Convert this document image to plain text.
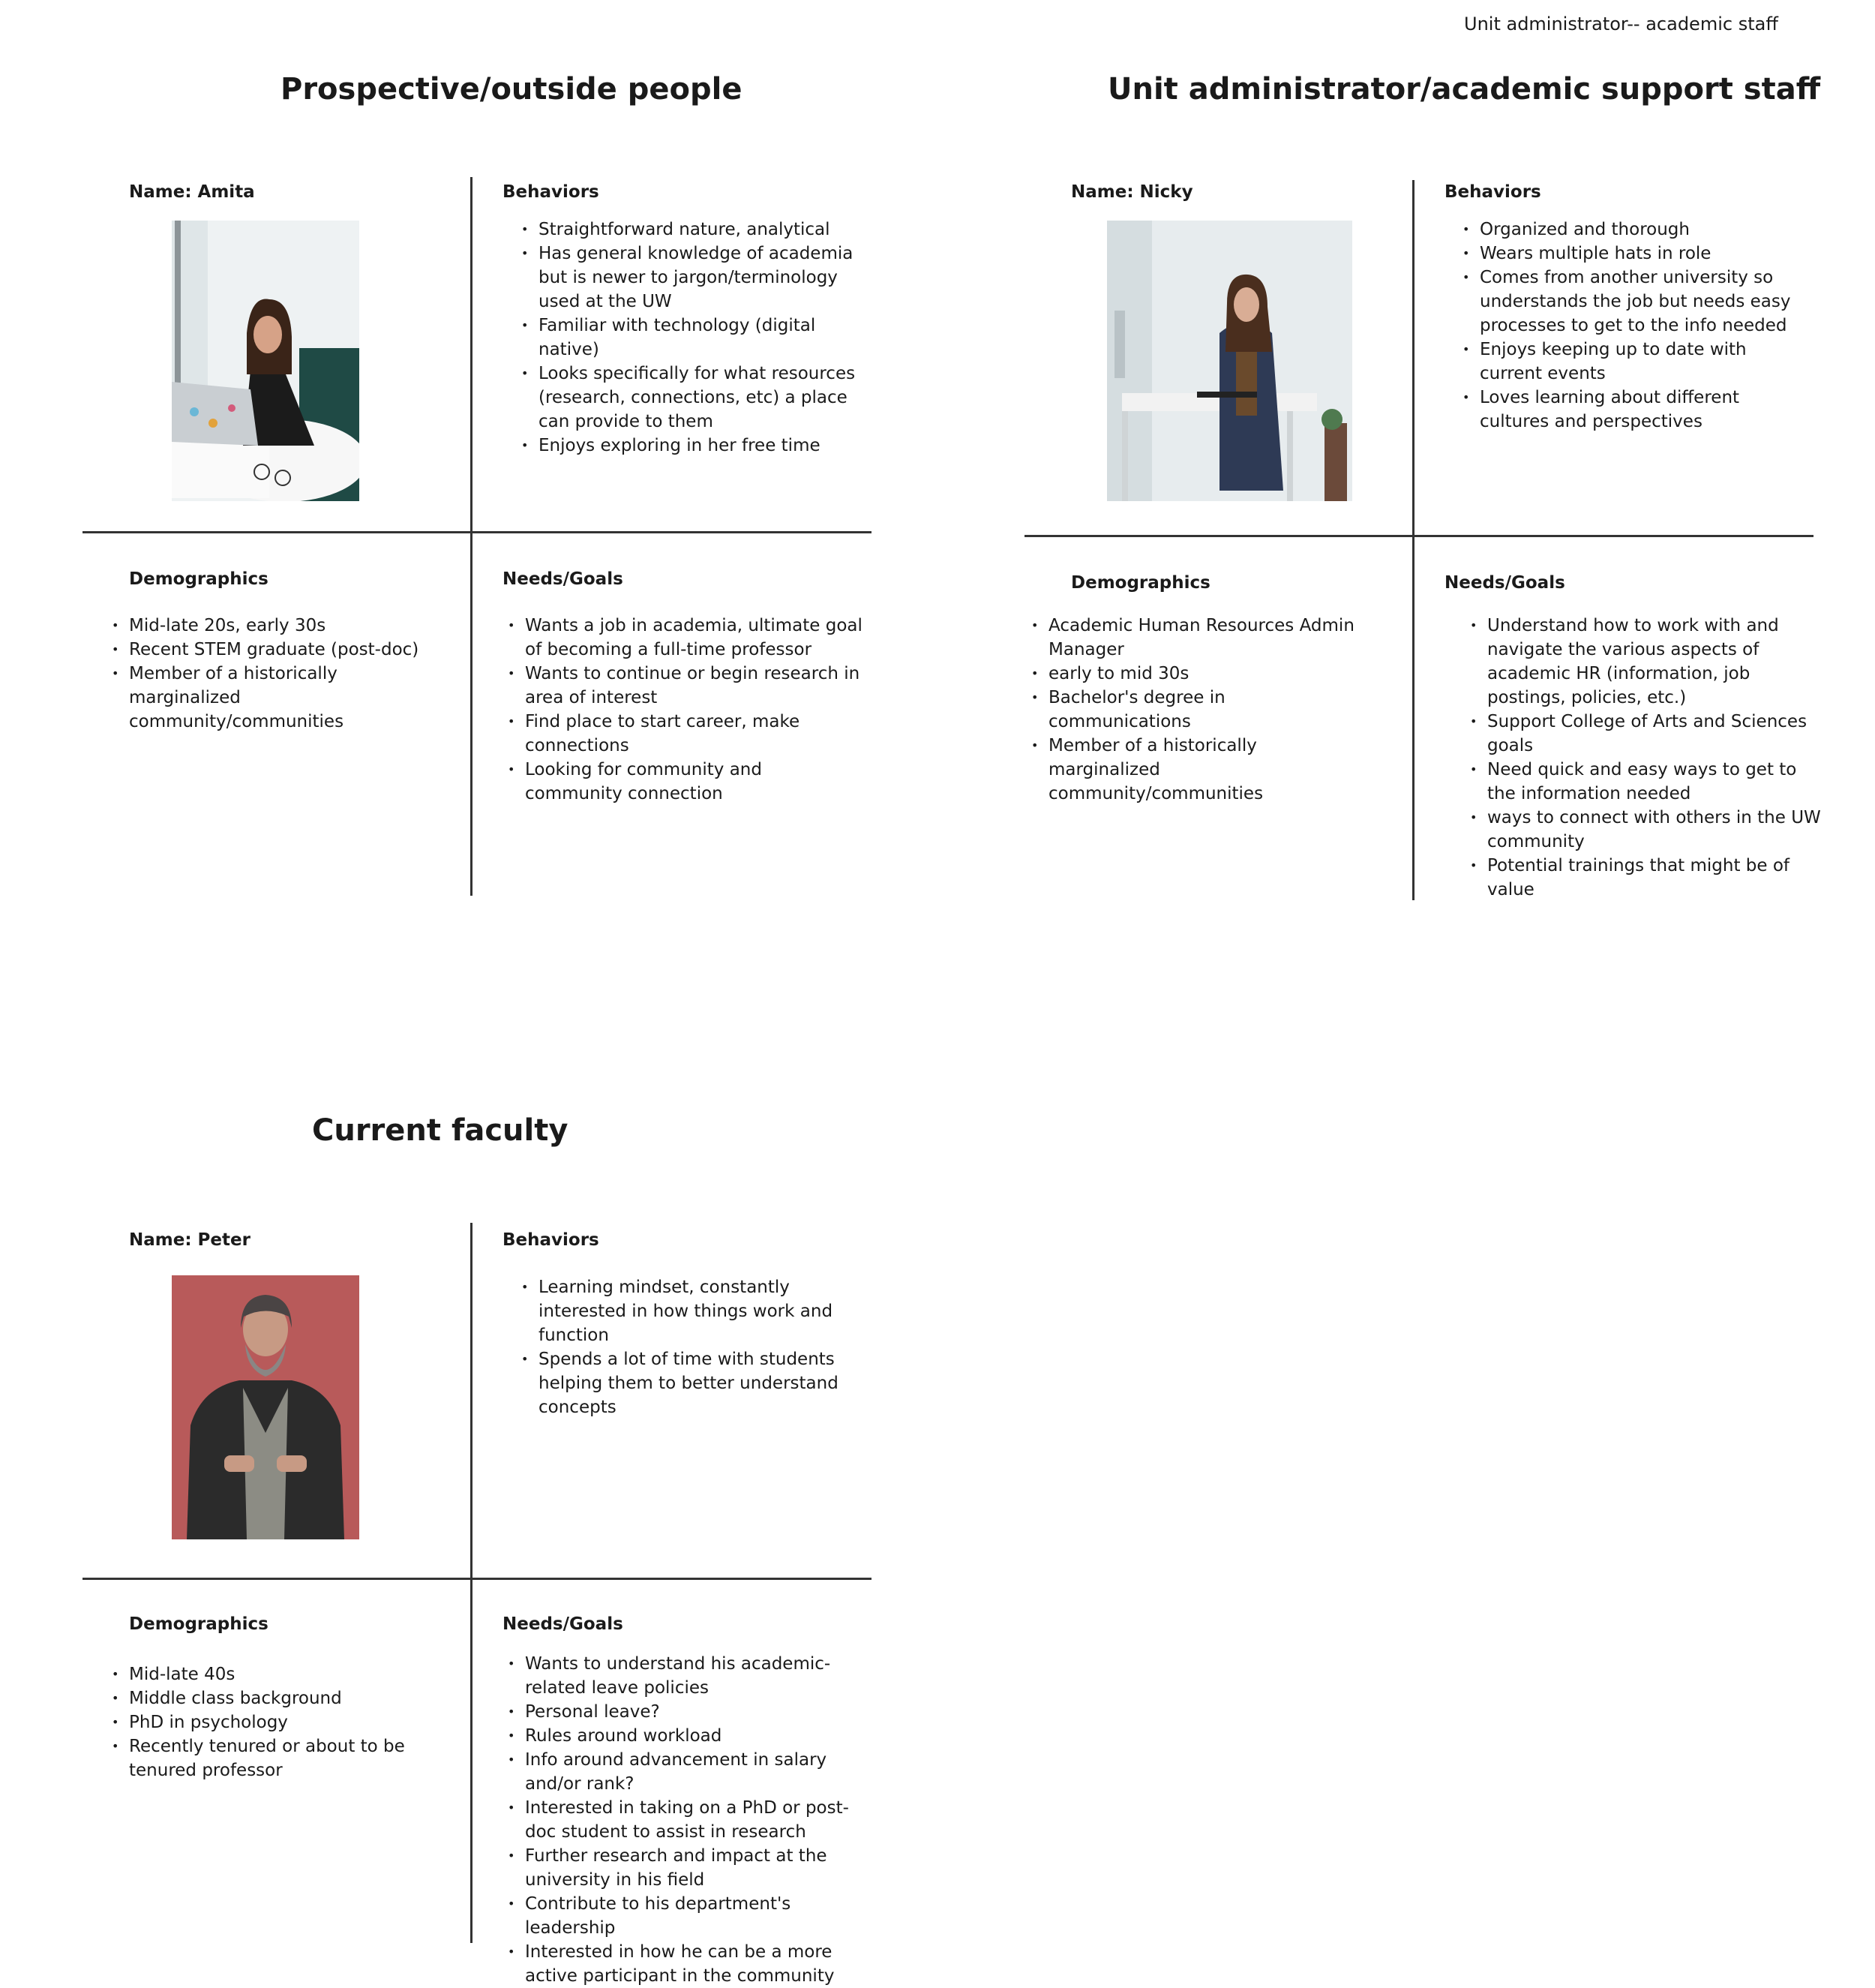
Unit administrator-- academic staff
Prospective/outside people
Name: Amita	Behaviors
• Straightforward nature, analytical
• Has general knowledge of academia but is newer to jargon/terminology used at the UW
• Familiar with technology (digital native)
• Looks specifically for what resources (research, connections, etc) a place can provide to them
• Enjoys exploring in her free time
Demographics
• Mid-late 20s, early 30s
• Recent STEM graduate (post-doc)
• Member of a historically marginalized community/communities
Needs/Goals
• Wants a job in academia, ultimate goal of becoming a full-time professor
• Wants to continue or begin research in area of interest
• Find place to start career, make connections
• Looking for community and community connection
Unit administrator/academic support staff
Name: Nicky	Behaviors
• Organized and thorough
• Wears multiple hats in role
• Comes from another university so understands the job but needs easy processes to get to the info needed
• Enjoys keeping up to date with current events
• Loves learning about different cultures and perspectives
Demographics
• Academic Human Resources Admin Manager
• early to mid 30s
• Bachelor's degree in communications
• Member of a historically marginalized community/communities
Needs/Goals
• Understand how to work with and navigate the various aspects of academic HR (information, job postings, policies, etc.)
• Support College of Arts and Sciences goals
• Need quick and easy ways to get to the information needed
• ways to connect with others in the UW community
• Potential trainings that might be of value
Current faculty
Name: Peter	Behaviors
• Learning mindset, constantly interested in how things work and function
• Spends a lot of time with students helping them to better understand concepts
Demographics
• Mid-late 40s
• Middle class background
• PhD in psychology
• Recently tenured or about to be tenured professor
Needs/Goals
• Wants to understand his academic-related leave policies
• Personal leave?
• Rules around workload
• Info around advancement in salary and/or rank?
• Interested in taking on a PhD or post-doc student to assist in research
• Further research and impact at the university in his field
• Contribute to his department's leadership
• Interested in how he can be a more active participant in the community
